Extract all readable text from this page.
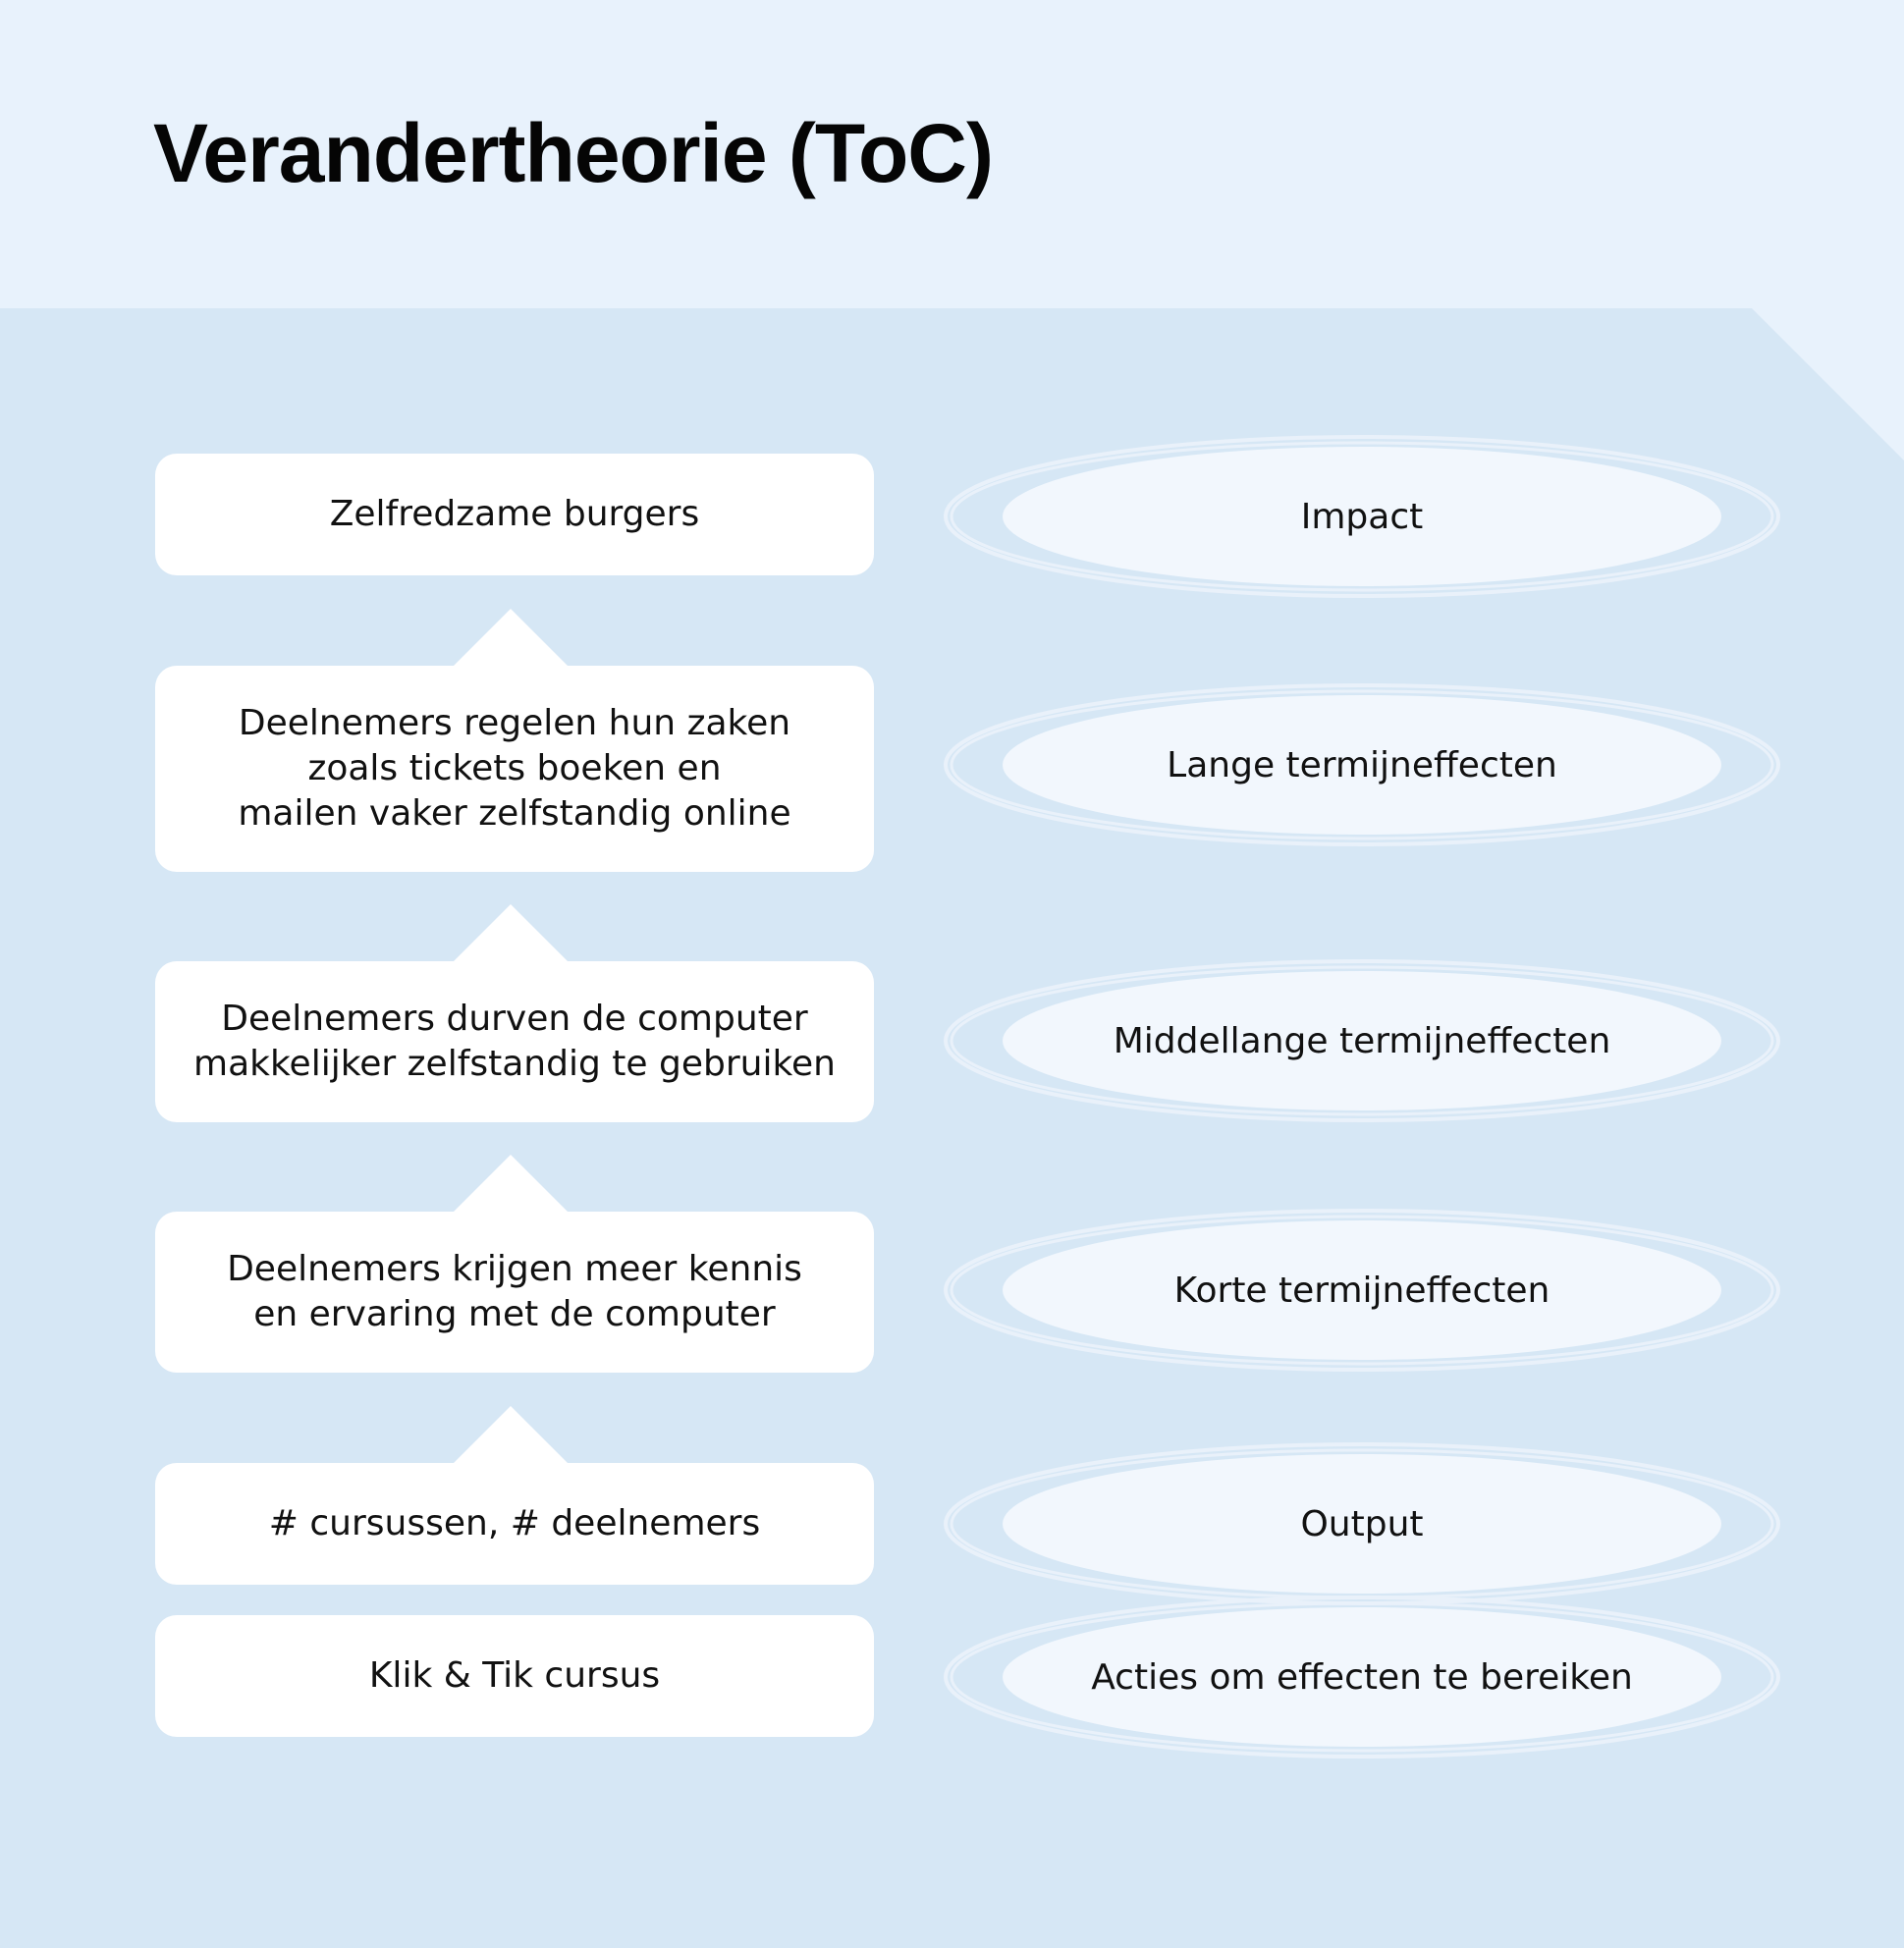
Verandertheorie (ToC)
Zelfredzame burgers	Impact
Deelnemers regelen hun zaken
zoals tickets boeken en
mailen vaker zelfstandig online
Lange termijneffecten
Deelnemers durven de computer
makkelijker zelfstandig te gebruiken
Middellange termijneffecten
Deelnemers krijgen meer kennis
en ervaring met de computer
Korte termijneffecten
# cursussen, # deelnemers	Output
Klik & Tik cursus	Acties om effecten te bereiken
